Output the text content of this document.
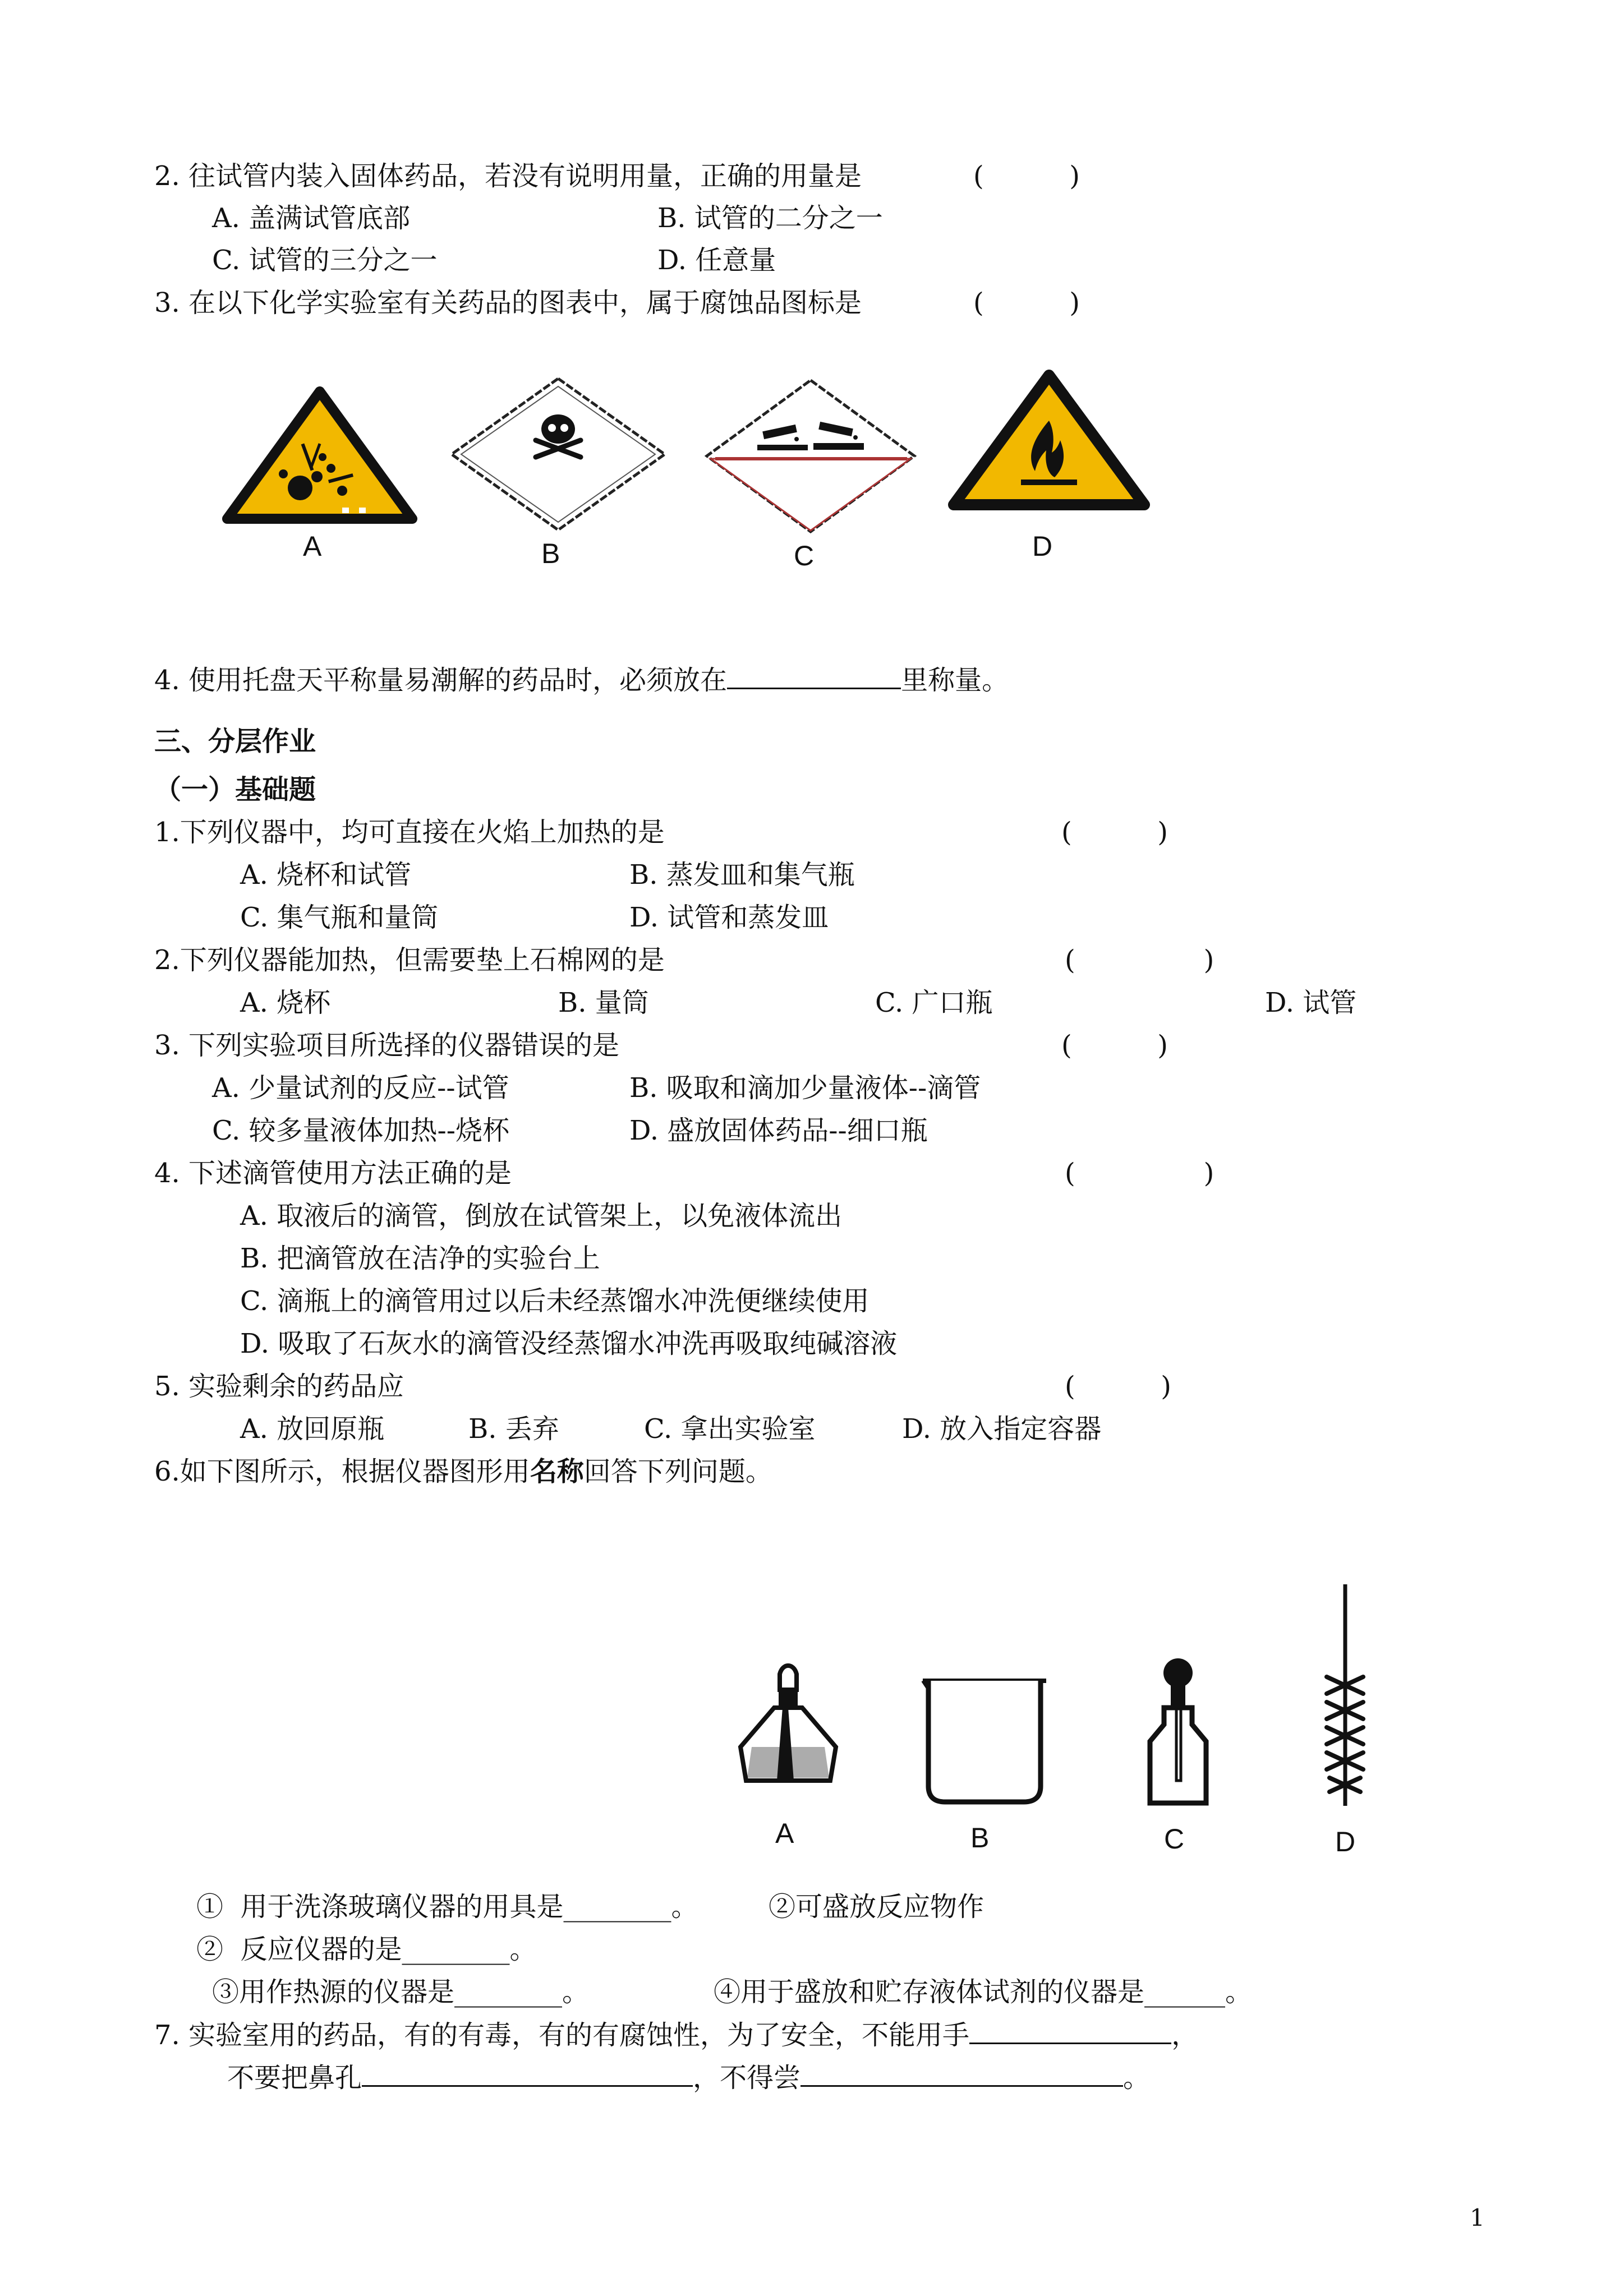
2. 往试管内装入固体药品，若没有说明用量，正确的用量是	(          )
A. 盖满试管底部	B. 试管的二分之一
C. 试管的三分之一	D. 任意量
3. 在以下化学实验室有关药品的图表中，属于腐蚀品图标是	(          )
A	B	C	D
4. 使用托盘天平称量易潮解的药品时，必须放在	里称量。
三、分层作业
（一）基础题
1.下列仪器中，均可直接在火焰上加热的是	(          )
A. 烧杯和试管	B. 蒸发皿和集气瓶
C. 集气瓶和量筒	D. 试管和蒸发皿
2.下列仪器能加热，但需要垫上石棉网的是	(               )
A. 烧杯	B. 量筒	C. 广口瓶	D. 试管
3. 下列实验项目所选择的仪器错误的是	(          )
A. 少量试剂的反应--试管	B. 吸取和滴加少量液体--滴管
C. 较多量液体加热--烧杯	D. 盛放固体药品--细口瓶
4. 下述滴管使用方法正确的是	(               )
A. 取液后的滴管，倒放在试管架上，以免液体流出
B. 把滴管放在洁净的实验台上
C. 滴瓶上的滴管用过以后未经蒸馏水冲洗便继续使用
D. 吸取了石灰水的滴管没经蒸馏水冲洗再吸取纯碱溶液
5. 实验剩余的药品应	(          )
A. 放回原瓶	B. 丢弃	C. 拿出实验室	D. 放入指定容器
6.如下图所示，根据仪器图形用名称回答下列问题。
A	B	C	D
①  用于洗涤玻璃仪器的用具是________。	②可盛放反应物作
②  反应仪器的是________。
③用作热源的仪器是________。	④用于盛放和贮存液体试剂的仪器是______。
7. 实验室用的药品，有的有毒，有的有腐蚀性，为了安全，不能用手	，
不要把鼻孔	，不得尝	。
1
